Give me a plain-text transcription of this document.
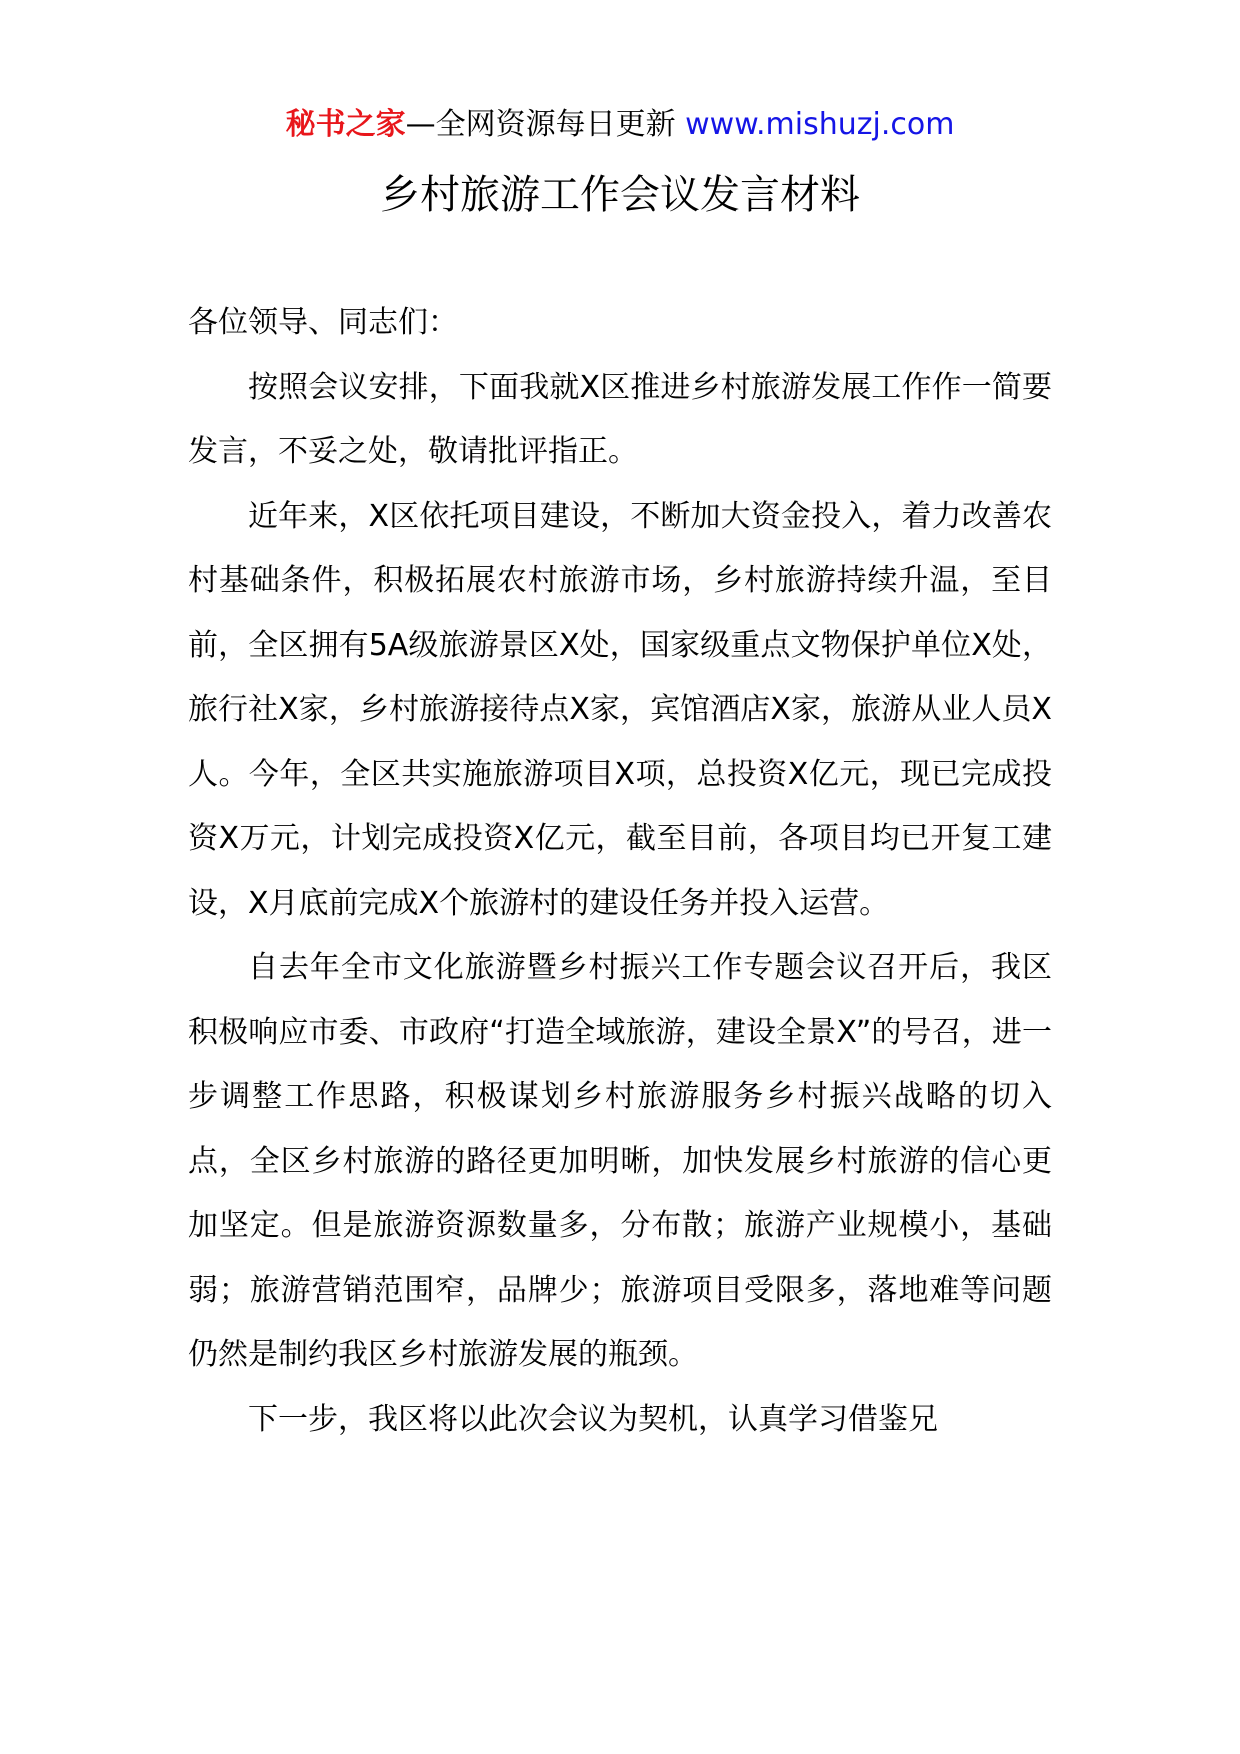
秘书之家—全网资源每日更新 www.mishuzj.com
乡村旅游工作会议发言材料

各位领导、同志们：

按照会议安排，下面我就X区推进乡村旅游发展工作作一简要发言，不妥之处，敬请批评指正。

近年来，X区依托项目建设，不断加大资金投入，着力改善农村基础条件，积极拓展农村旅游市场，乡村旅游持续升温，至目前，全区拥有5A级旅游景区X处，国家级重点文物保护单位X处，旅行社X家，乡村旅游接待点X家，宾馆酒店X家，旅游从业人员X人。今年，全区共实施旅游项目X项，总投资X亿元，现已完成投资X万元，计划完成投资X亿元，截至目前，各项目均已开复工建设，X月底前完成X个旅游村的建设任务并投入运营。

自去年全市文化旅游暨乡村振兴工作专题会议召开后，我区积极响应市委、市政府“打造全域旅游，建设全景X”的号召，进一步调整工作思路，积极谋划乡村旅游服务乡村振兴战略的切入点，全区乡村旅游的路径更加明晰，加快发展乡村旅游的信心更加坚定。但是旅游资源数量多，分布散；旅游产业规模小，基础弱；旅游营销范围窄，品牌少；旅游项目受限多，落地难等问题仍然是制约我区乡村旅游发展的瓶颈。

下一步，我区将以此次会议为契机，认真学习借鉴兄
